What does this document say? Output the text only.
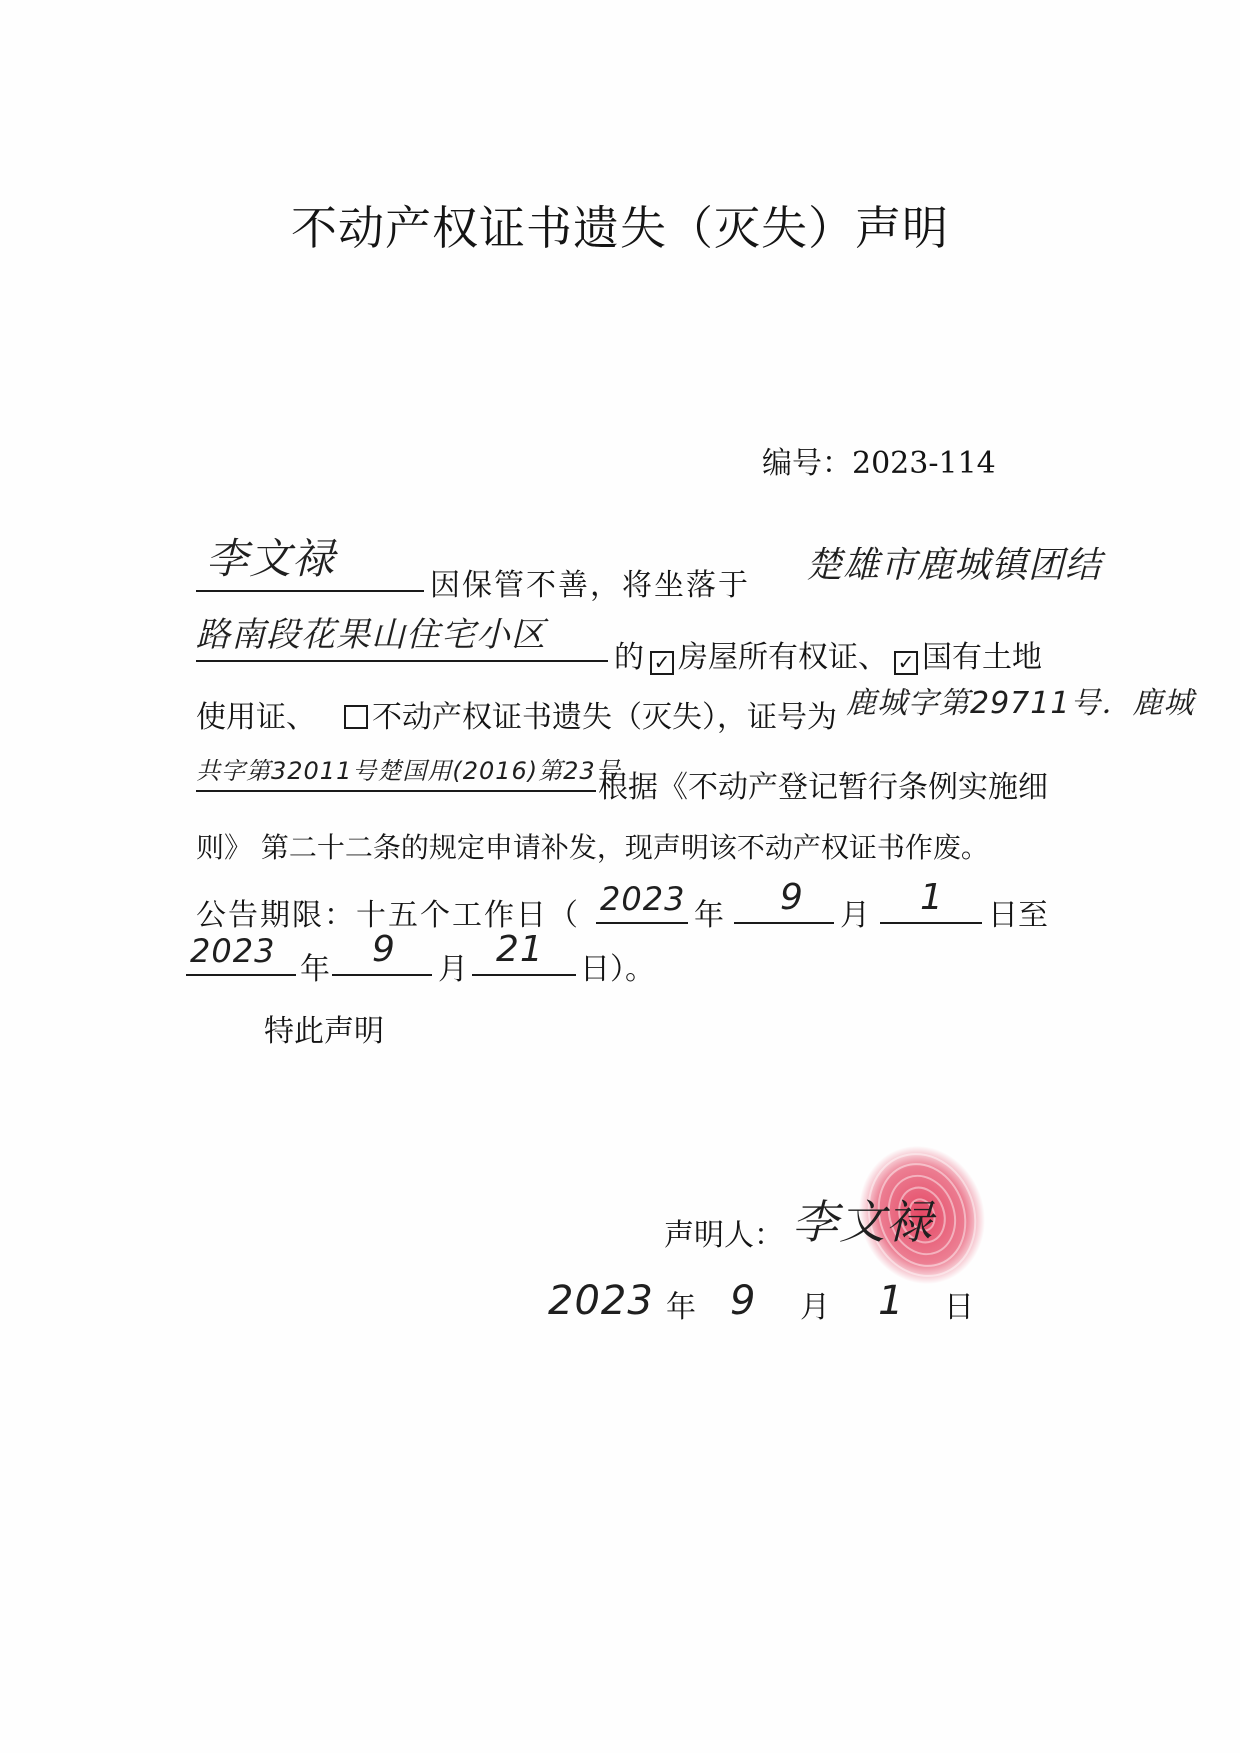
不动产权证书遗失（灭失）声明
编号：2023-114
李文禄
因保管不善，将坐落于 楚雄市鹿城镇团结
路南段花果山住宅小区
的 ✓ 房屋所有权证、 ✓ 国有土地
使用证、 不动产权证书遗失（灭失），证号为 鹿城字第29711号．鹿城
共字第32011号楚国用(2016)第23号
根据《不动产登记暂行条例实施细
则》 第二十二条的规定申请补发，现声明该不动产权证书作废。
公告期限：十五个工作日（ 2023 年 9 月 1 日至
2023 年 9 月 21 日）。
特此声明
声明人： 李文禄
2023 年 9 月 1 日
